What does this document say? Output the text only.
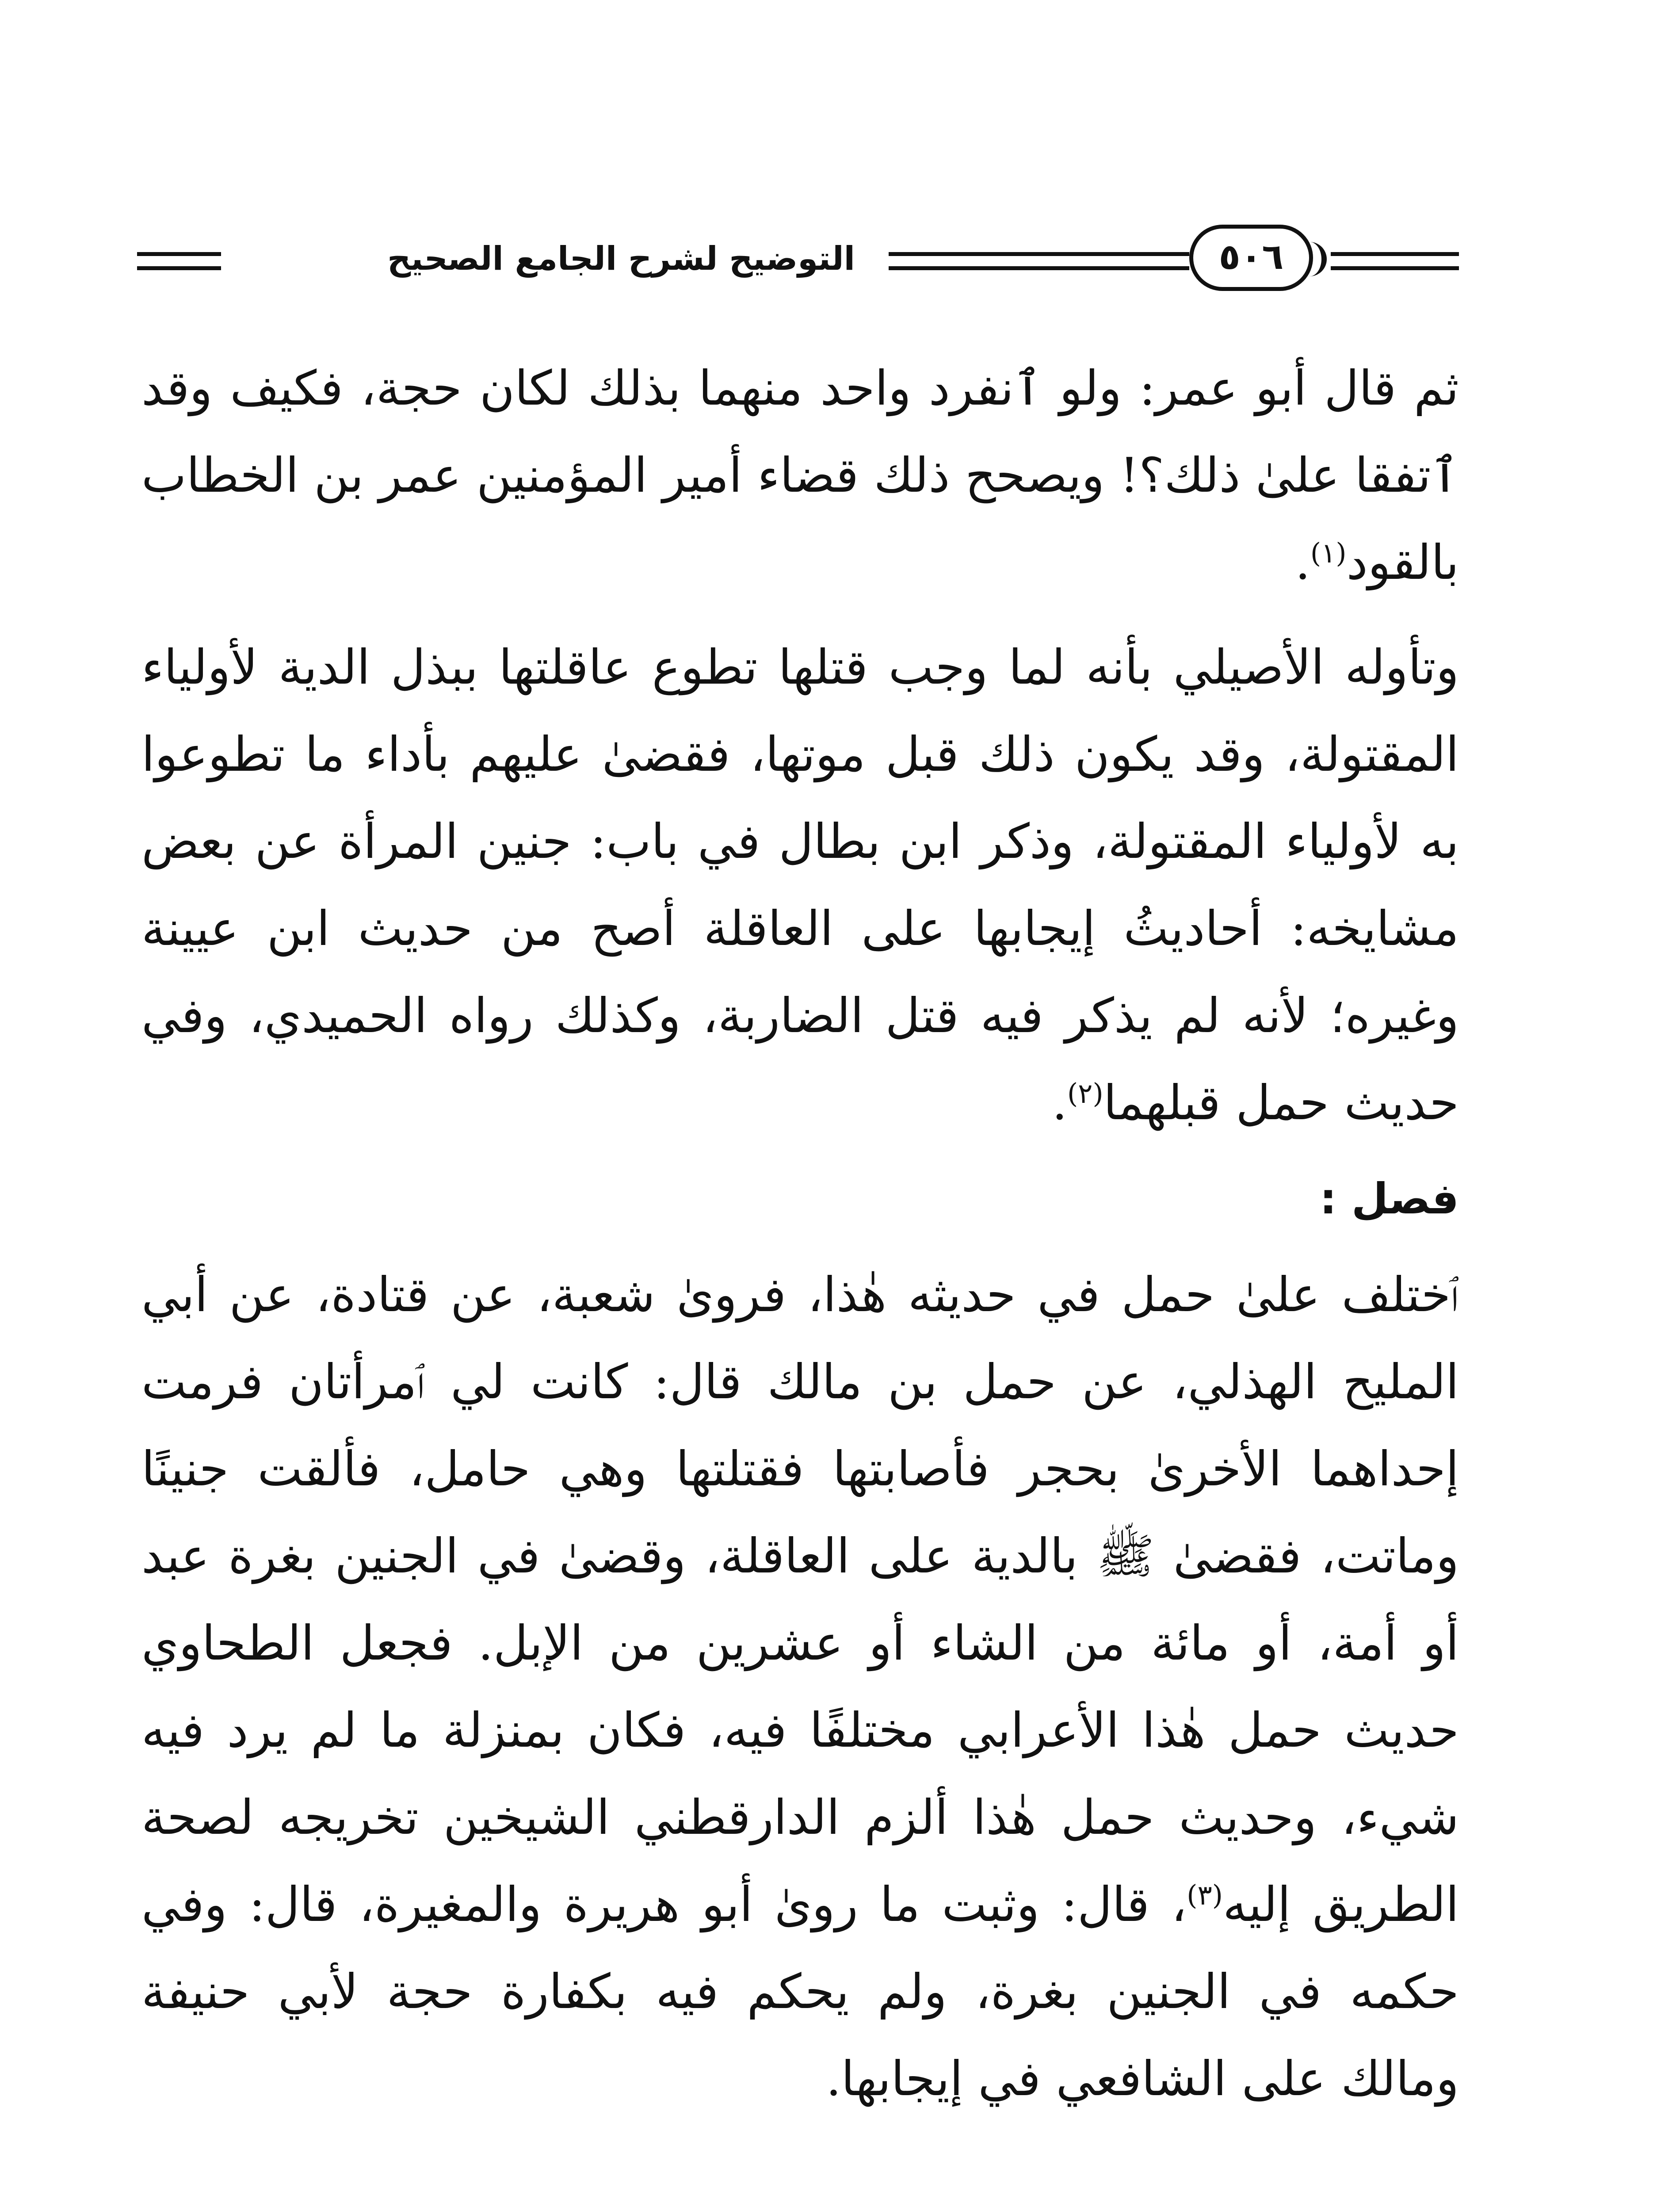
التوضيح لشرح الجامع الصحيح	٥٠٦

ثم قال أبو عمر: ولو ٱنفرد واحد منهما بذلك لكان حجة، فكيف وقد ٱتفقا علىٰ ذلك؟! ويصحح ذلك قضاء أمير المؤمنين عمر بن الخطاب بالقود$^{(١)}$.

وتأوله الأصيلي بأنه لما وجب قتلها تطوع عاقلتها ببذل الدية لأولياء المقتولة، وقد يكون ذلك قبل موتها، فقضىٰ عليهم بأداء ما تطوعوا به لأولياء المقتولة، وذكر ابن بطال في باب: جنين المرأة عن بعض مشايخه: أحاديثُ إيجابها على العاقلة أصح من حديث ابن عيينة وغيره؛ لأنه لم يذكر فيه قتل الضاربة، وكذلك رواه الحميدي، وفي حديث حمل قبلهما$^{(٢)}$.

فصل :

ٱختلف علىٰ حمل في حديثه هٰذا، فروىٰ شعبة، عن قتادة، عن أبي المليح الهذلي، عن حمل بن مالك قال: كانت لي ٱمرأتان فرمت إحداهما الأخرىٰ بحجر فأصابتها فقتلتها وهي حامل، فألقت جنينًا وماتت، فقضىٰ ﷺ بالدية على العاقلة، وقضىٰ في الجنين بغرة عبد أو أمة، أو مائة من الشاء أو عشرين من الإبل. فجعل الطحاوي حديث حمل هٰذا الأعرابي مختلفًا فيه، فكان بمنزلة ما لم يرد فيه شيء، وحديث حمل هٰذا ألزم الدارقطني الشيخين تخريجه لصحة الطريق إليه$^{(٣)}$، قال: وثبت ما روىٰ أبو هريرة والمغيرة، قال: وفي حكمه في الجنين بغرة، ولم يحكم فيه بكفارة حجة لأبي حنيفة ومالك على الشافعي في إيجابها.
